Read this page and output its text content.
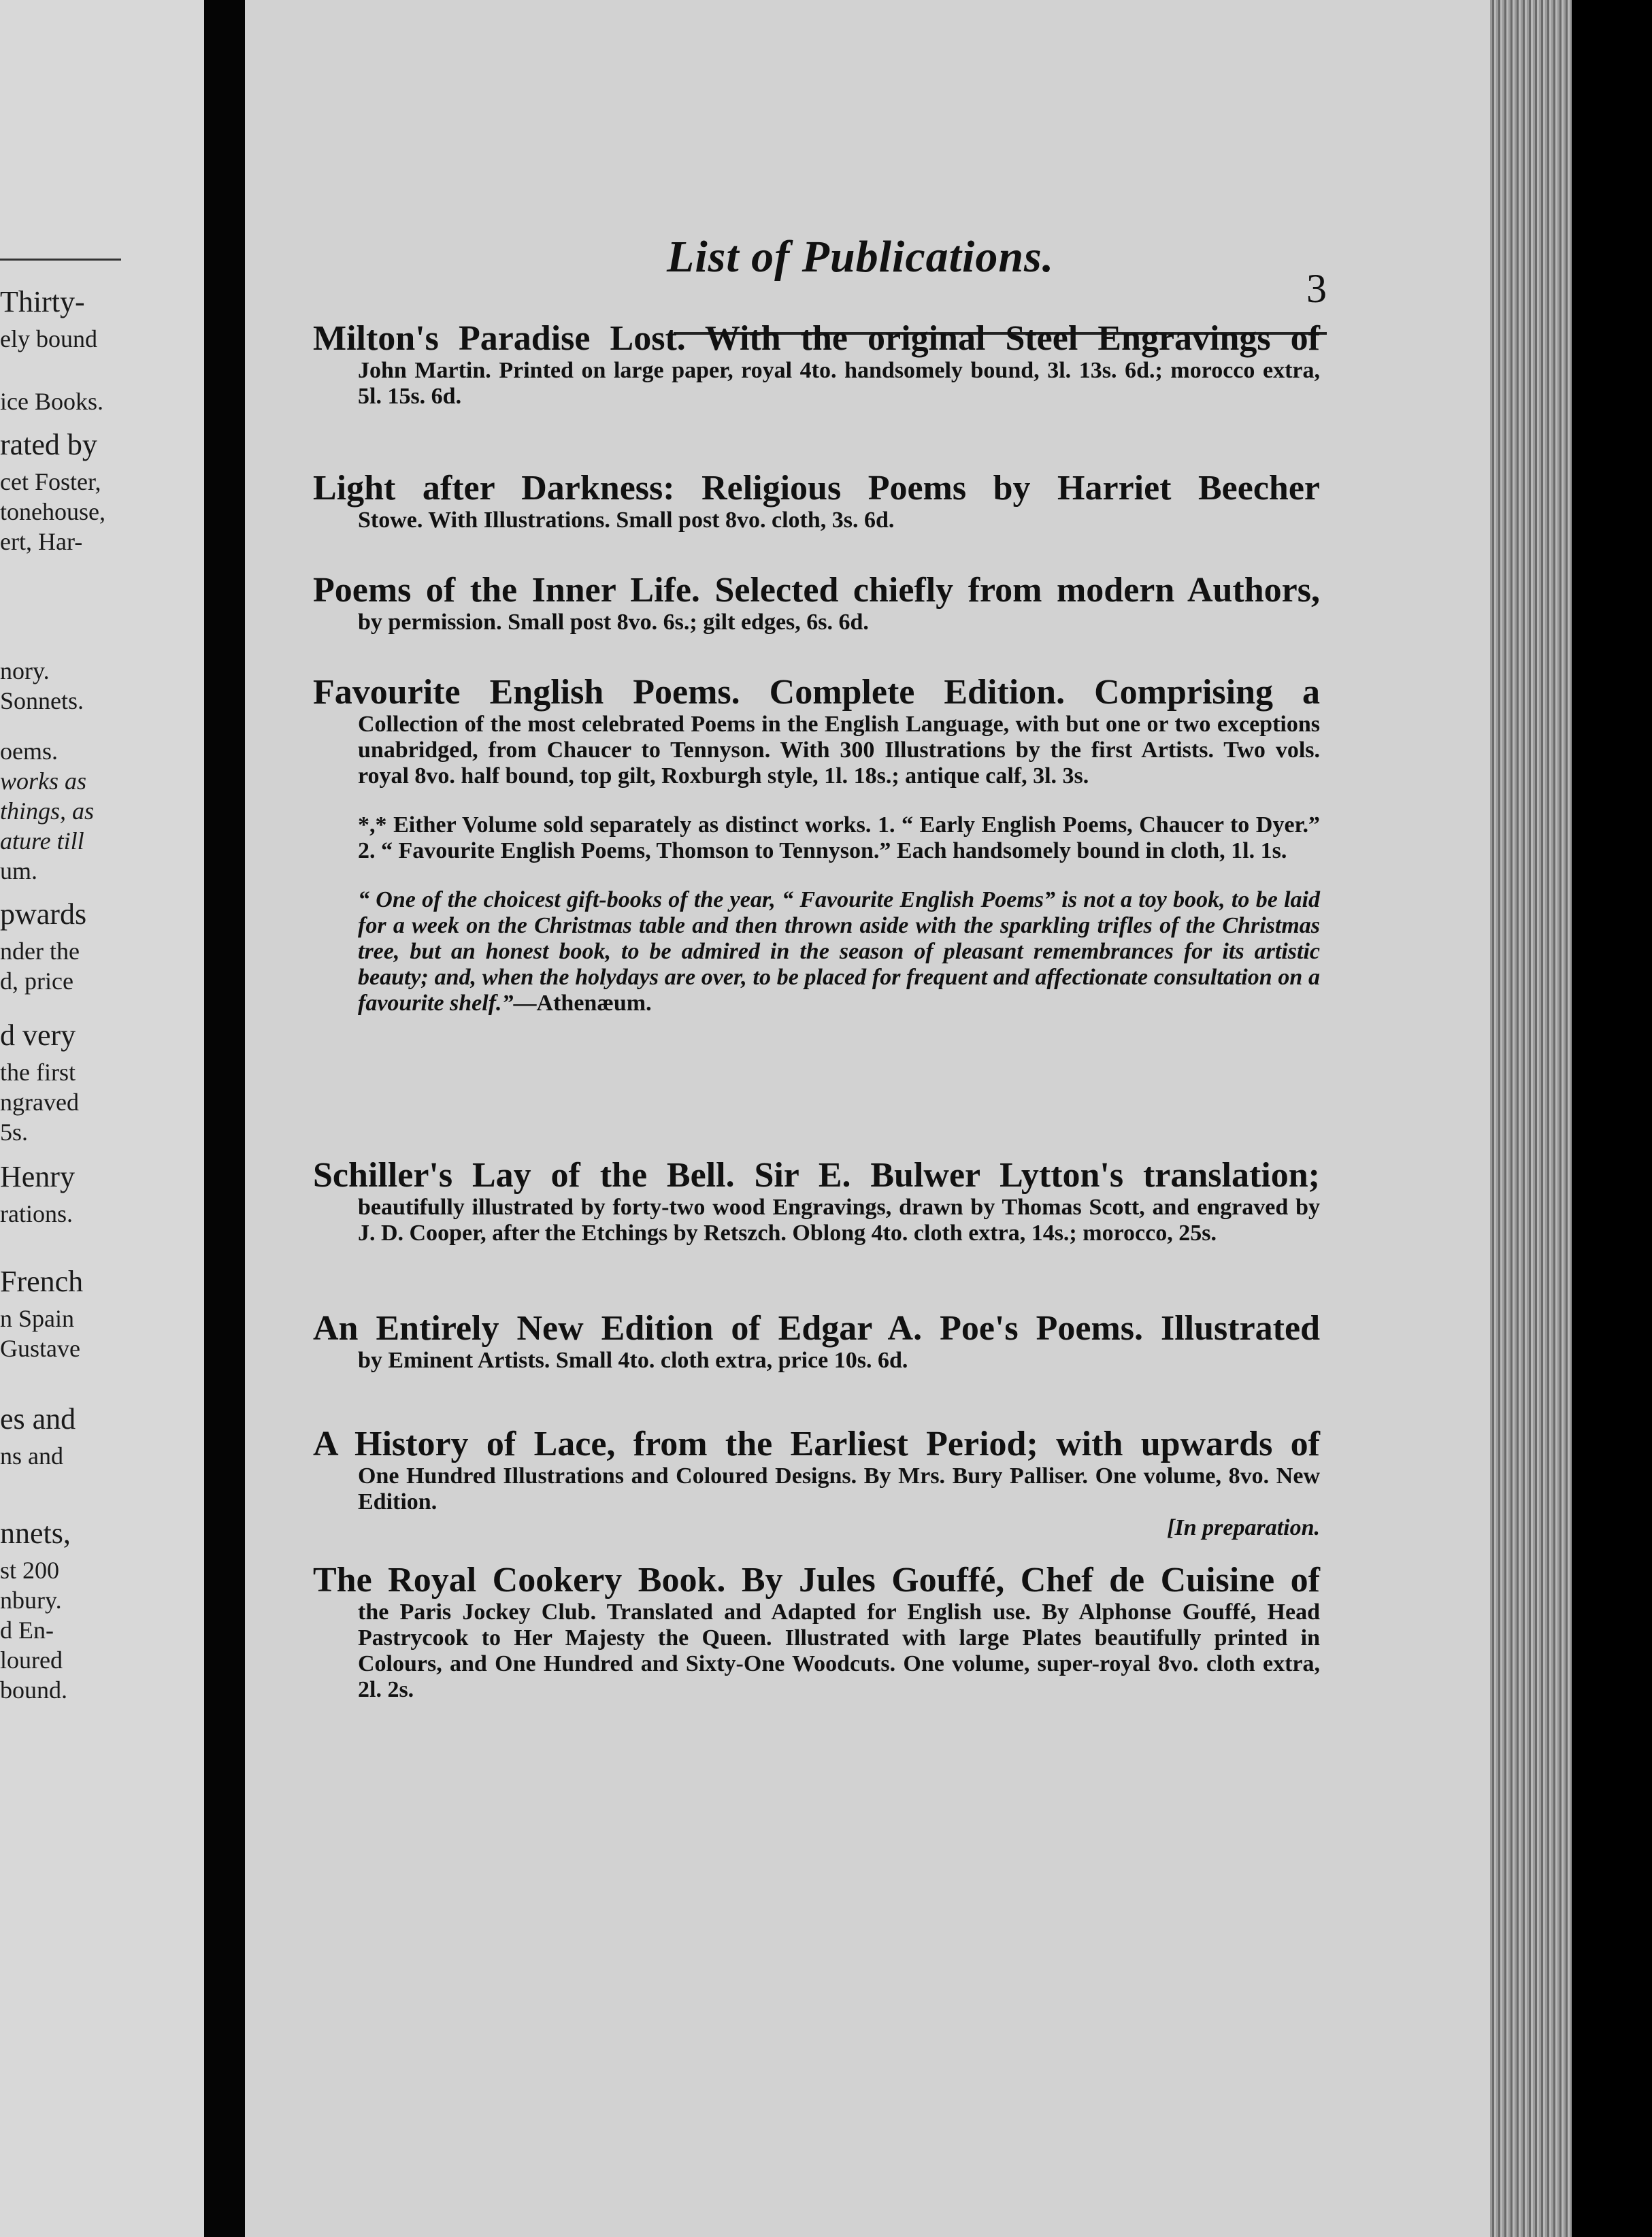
Thirty-
ely bound
ice Books.
rated by
cet Foster,
tonehouse,
ert, Har-
nory.
Sonnets.
oems.
works as
things, as
ature till
um.
pwards
nder the
d, price
d very
the first
ngraved
5s.
Henry
rations.
French
n Spain
Gustave
es and
ns and
nnets,
st 200
nbury.
d En-
loured
bound.
List of Publications.
3
Milton's Paradise Lost. With the original Steel Engravings of
John Martin. Printed on large paper, royal 4to. handsomely bound, 3l. 13s. 6d.; morocco extra, 5l. 15s. 6d.
Light after Darkness: Religious Poems by Harriet Beecher
Stowe. With Illustrations. Small post 8vo. cloth, 3s. 6d.
Poems of the Inner Life. Selected chiefly from modern Authors,
by permission. Small post 8vo. 6s.; gilt edges, 6s. 6d.
Favourite English Poems. Complete Edition. Comprising a
Collection of the most celebrated Poems in the English Language, with but one or two exceptions unabridged, from Chaucer to Tennyson. With 300 Illustrations by the first Artists. Two vols. royal 8vo. half bound, top gilt, Roxburgh style, 1l. 18s.; antique calf, 3l. 3s.
*,* Either Volume sold separately as distinct works. 1. “ Early English Poems, Chaucer to Dyer.” 2. “ Favourite English Poems, Thomson to Tennyson.” Each handsomely bound in cloth, 1l. 1s.
“ One of the choicest gift-books of the year, “ Favourite English Poems” is not a toy book, to be laid for a week on the Christmas table and then thrown aside with the sparkling trifles of the Christmas tree, but an honest book, to be admired in the season of pleasant remembrances for its artistic beauty; and, when the holydays are over, to be placed for frequent and affectionate consultation on a favourite shelf.”—Athenæum.
Schiller's Lay of the Bell. Sir E. Bulwer Lytton's translation;
beautifully illustrated by forty-two wood Engravings, drawn by Thomas Scott, and engraved by J. D. Cooper, after the Etchings by Retszch. Oblong 4to. cloth extra, 14s.; morocco, 25s.
An Entirely New Edition of Edgar A. Poe's Poems. Illustrated
by Eminent Artists. Small 4to. cloth extra, price 10s. 6d.
A History of Lace, from the Earliest Period; with upwards of
One Hundred Illustrations and Coloured Designs. By Mrs. Bury Palliser. One volume, 8vo. New Edition.
[In preparation.
The Royal Cookery Book. By Jules Gouffé, Chef de Cuisine of
the Paris Jockey Club. Translated and Adapted for English use. By Alphonse Gouffé, Head Pastrycook to Her Majesty the Queen. Illustrated with large Plates beautifully printed in Colours, and One Hundred and Sixty-One Woodcuts. One volume, super-royal 8vo. cloth extra, 2l. 2s.
